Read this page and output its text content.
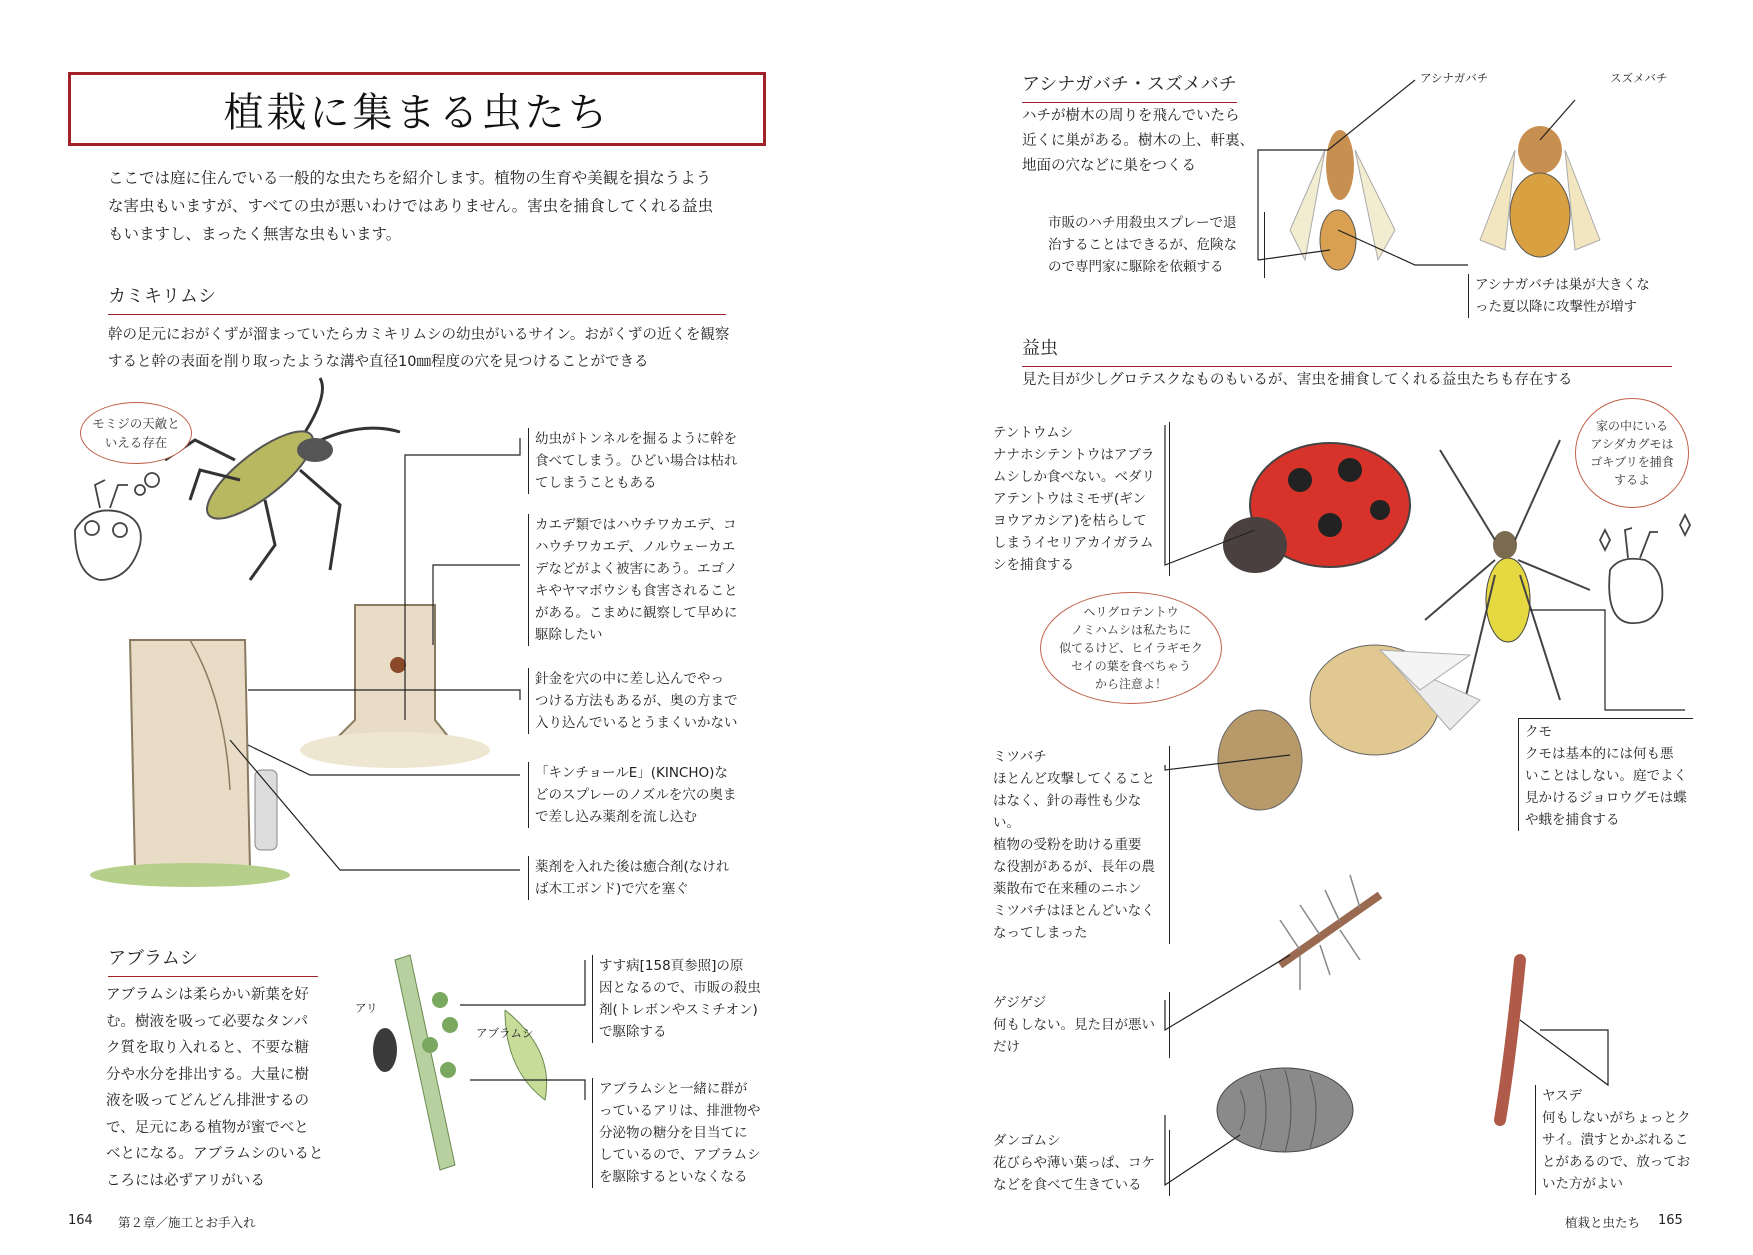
植栽に集まる虫たち
ここでは庭に住んでいる一般的な虫たちを紹介します。植物の生育や美観を損なうよう
な害虫もいますが、すべての虫が悪いわけではありません。害虫を捕食してくれる益虫
もいますし、まったく無害な虫もいます。
カミキリムシ
幹の足元におがくずが溜まっていたらカミキリムシの幼虫がいるサイン。おがくずの近くを観察
すると幹の表面を削り取ったような溝や直径10㎜程度の穴を見つけることができる
モミジの天敵と
いえる存在	幼虫がトンネルを掘るように幹を
食べてしまう。ひどい場合は枯れ
てしまうこともある
カエデ類ではハウチワカエデ、コ
ハウチワカエデ、ノルウェーカエ
デなどがよく被害にあう。エゴノ
キやヤマボウシも食害されること
がある。こまめに観察して早めに
駆除したい
針金を穴の中に差し込んでやっ
つける方法もあるが、奥の方まで
入り込んでいるとうまくいかない
「キンチョールE」(KINCHO)な
どのスプレーのノズルを穴の奥ま
で差し込み薬剤を流し込む
薬剤を入れた後は癒合剤(なけれ
ば木工ボンド)で穴を塞ぐ
アブラムシ
アブラムシは柔らかい新葉を好
む。樹液を吸って必要なタンパ
ク質を取り入れると、不要な糖
分や水分を排出する。大量に樹
液を吸ってどんどん排泄するの
で、足元にある植物が蜜でべと
べとになる。アブラムシのいると
ころには必ずアリがいる
アリ
アブラムシ
すす病[158頁参照]の原
因となるので、市販の殺虫
剤(トレボンやスミチオン)
で駆除する
アブラムシと一緒に群が
っているアリは、排泄物や
分泌物の糖分を目当てに
しているので、アブラムシ
を駆除するといなくなる
164 第２章／施工とお手入れ
アシナガバチ・スズメバチ
ハチが樹木の周りを飛んでいたら
近くに巣がある。樹木の上、軒裏、
地面の穴などに巣をつくる
アシナガバチ	スズメバチ
市販のハチ用殺虫スプレーで退
治することはできるが、危険な
ので専門家に駆除を依頼する
アシナガバチは巣が大きくな
った夏以降に攻撃性が増す
益虫
見た目が少しグロテスクなものもいるが、害虫を捕食してくれる益虫たちも存在する
テントウムシ
ナナホシテントウはアブラ
ムシしか食べない。ベダリ
アテントウはミモザ(ギン
ヨウアカシア)を枯らして
しまうイセリアカイガラム
シを捕食する
ヘリグロテントウ
ノミハムシは私たちに
似てるけど、ヒイラギモク
セイの葉を食べちゃう
から注意よ！
家の中にいる
アシダカグモは
ゴキブリを捕食
するよ
クモ
クモは基本的には何も悪
いことはしない。庭でよく
見かけるジョロウグモは蝶
や蛾を捕食する
ミツバチ
ほとんど攻撃してくること
はなく、針の毒性も少ない。
植物の受粉を助ける重要
な役割があるが、長年の農
薬散布で在来種のニホン
ミツバチはほとんどいなく
なってしまった
ゲジゲジ
何もしない。見た目が悪い
だけ
ヤスデ
何もしないがちょっとク
サイ。潰すとかぶれるこ
とがあるので、放ってお
いた方がよい
ダンゴムシ
花びらや薄い葉っぱ、コケ
などを食べて生きている
植栽と虫たち 165
